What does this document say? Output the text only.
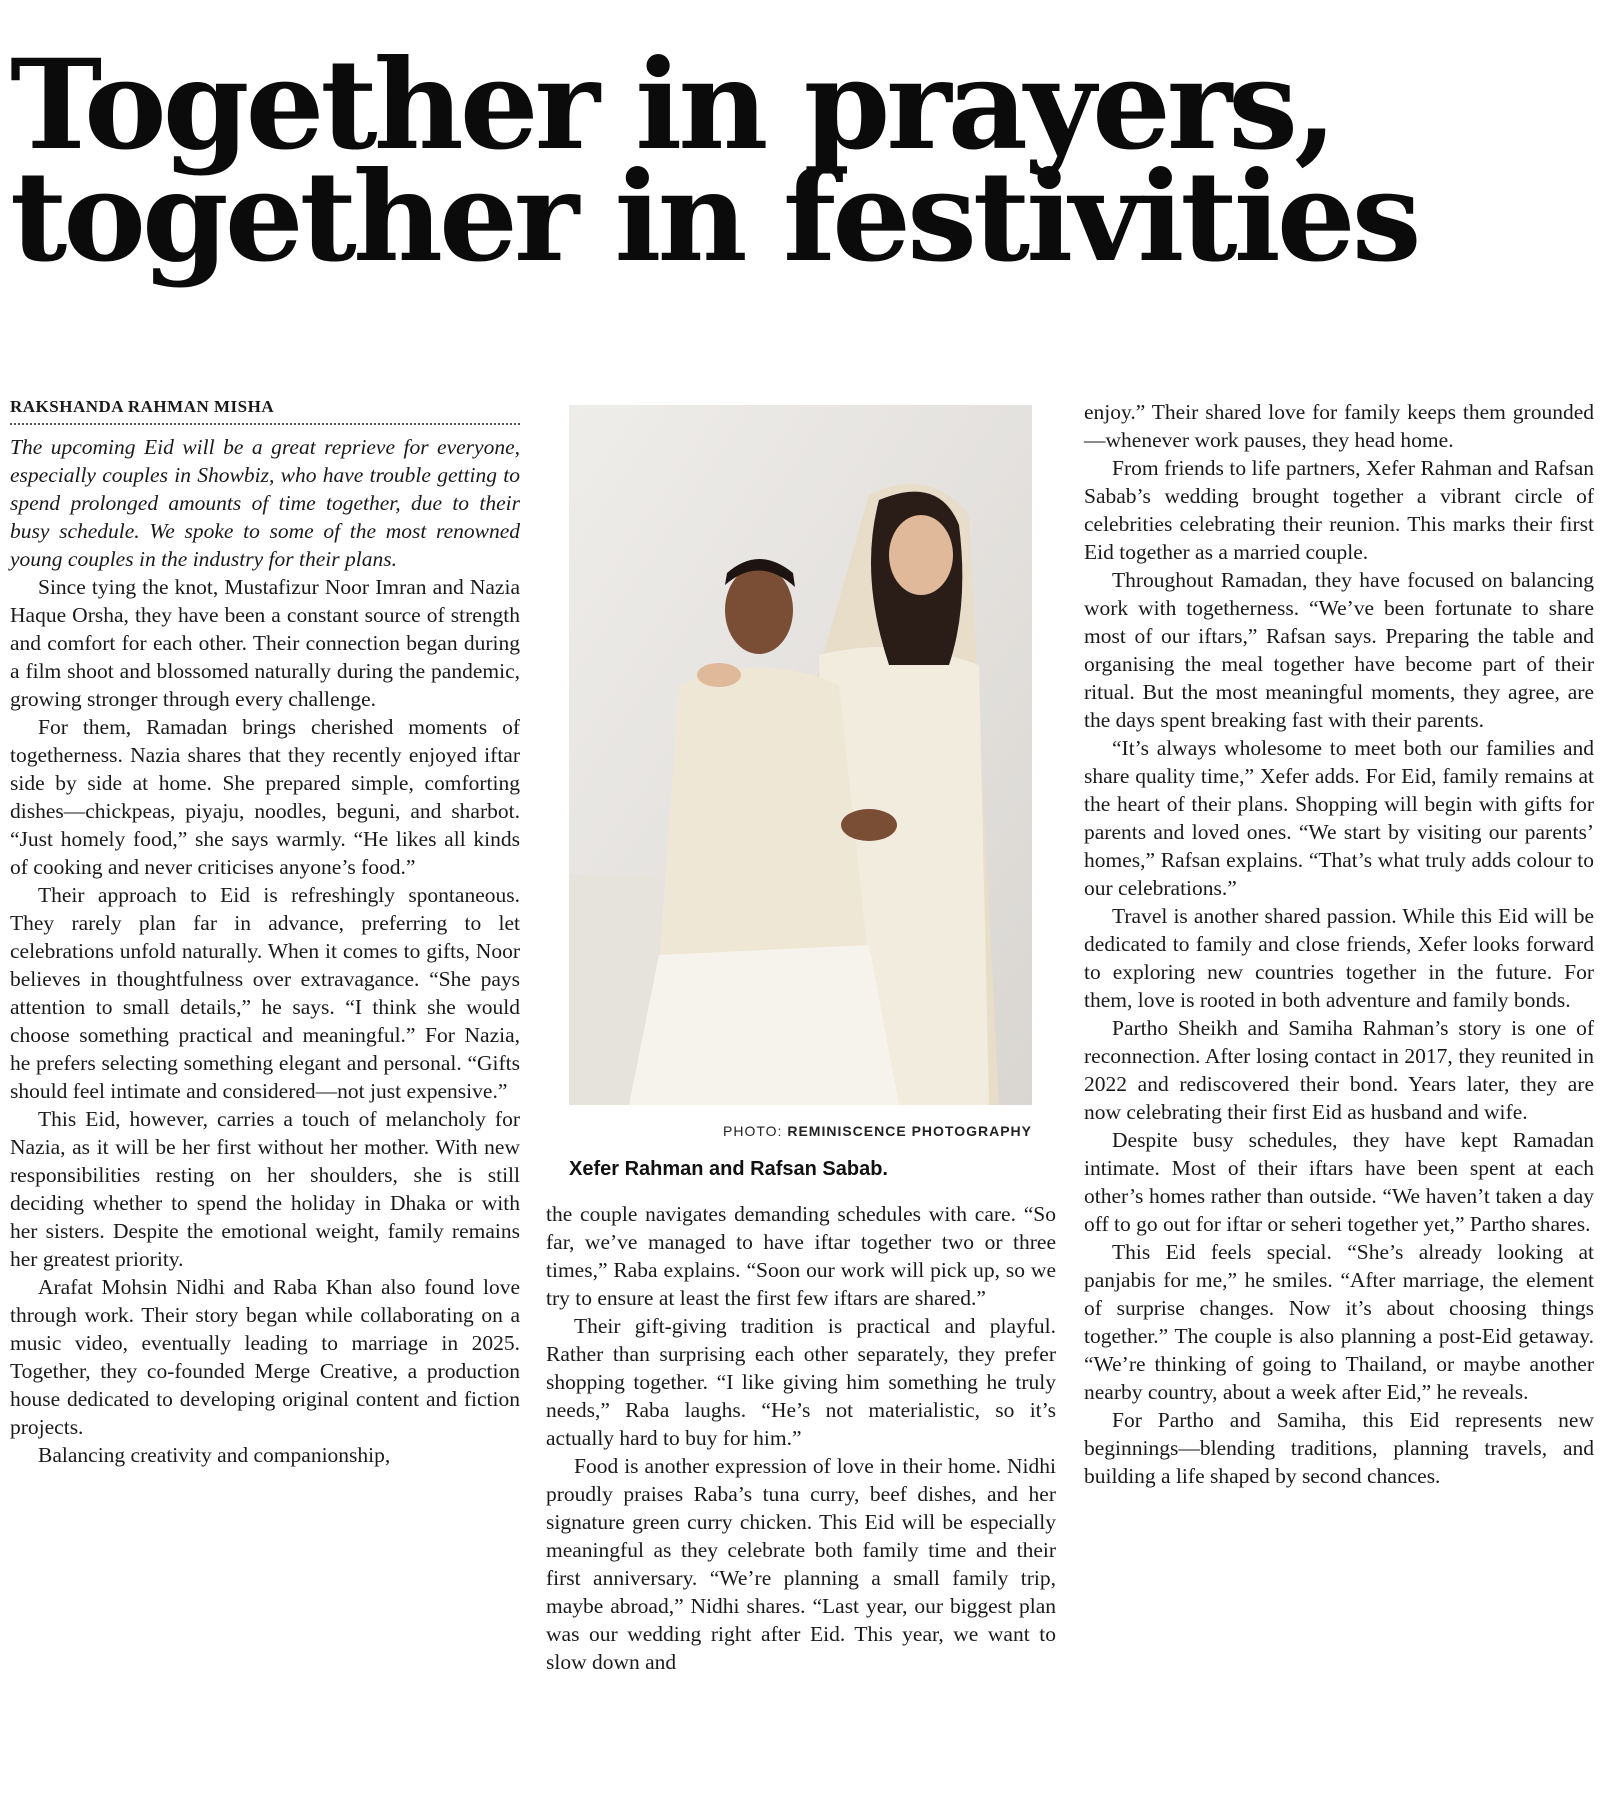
Together in prayers,
together in festivities
RAKSHANDA RAHMAN MISHA

The upcoming Eid will be a great reprieve for everyone, especially couples in Showbiz, who have trouble getting to spend prolonged amounts of time together, due to their busy schedule. We spoke to some of the most renowned young couples in the industry for their plans.

Since tying the knot, Mustafizur Noor Imran and Nazia Haque Orsha, they have been a constant source of strength and comfort for each other. Their connection began during a film shoot and blossomed naturally during the pandemic, growing stronger through every challenge.

For them, Ramadan brings cherished moments of togetherness. Nazia shares that they recently enjoyed iftar side by side at home. She prepared simple, comforting dishes—chickpeas, piyaju, noodles, beguni, and sharbot. “Just homely food,” she says warmly. “He likes all kinds of cooking and never criticises anyone’s food.”

Their approach to Eid is refreshingly spontaneous. They rarely plan far in advance, preferring to let celebrations unfold naturally. When it comes to gifts, Noor believes in thoughtfulness over extravagance. “She pays attention to small details,” he says. “I think she would choose something practical and meaningful.” For Nazia, he prefers selecting something elegant and personal. “Gifts should feel intimate and considered—not just expensive.”

This Eid, however, carries a touch of melancholy for Nazia, as it will be her first without her mother. With new responsibilities resting on her shoulders, she is still deciding whether to spend the holiday in Dhaka or with her sisters. Despite the emotional weight, family remains her greatest priority.

Arafat Mohsin Nidhi and Raba Khan also found love through work. Their story began while collaborating on a music video, eventually leading to marriage in 2025. Together, they co-founded Merge Creative, a production house dedicated to developing original content and fiction projects.

Balancing creativity and companionship,

PHOTO: REMINISCENCE PHOTOGRAPHY
Xefer Rahman and Rafsan Sabab.

the couple navigates demanding schedules with care. “So far, we’ve managed to have iftar together two or three times,” Raba explains. “Soon our work will pick up, so we try to ensure at least the first few iftars are shared.”

Their gift-giving tradition is practical and playful. Rather than surprising each other separately, they prefer shopping together. “I like giving him something he truly needs,” Raba laughs. “He’s not materialistic, so it’s actually hard to buy for him.”

Food is another expression of love in their home. Nidhi proudly praises Raba’s tuna curry, beef dishes, and her signature green curry chicken. This Eid will be especially meaningful as they celebrate both family time and their first anniversary. “We’re planning a small family trip, maybe abroad,” Nidhi shares. “Last year, our biggest plan was our wedding right after Eid. This year, we want to slow down and

enjoy.” Their shared love for family keeps them grounded—whenever work pauses, they head home.

From friends to life partners, Xefer Rahman and Rafsan Sabab’s wedding brought together a vibrant circle of celebrities celebrating their reunion. This marks their first Eid together as a married couple.

Throughout Ramadan, they have focused on balancing work with togetherness. “We’ve been fortunate to share most of our iftars,” Rafsan says. Preparing the table and organising the meal together have become part of their ritual. But the most meaningful moments, they agree, are the days spent breaking fast with their parents.

“It’s always wholesome to meet both our families and share quality time,” Xefer adds. For Eid, family remains at the heart of their plans. Shopping will begin with gifts for parents and loved ones. “We start by visiting our parents’ homes,” Rafsan explains. “That’s what truly adds colour to our celebrations.”

Travel is another shared passion. While this Eid will be dedicated to family and close friends, Xefer looks forward to exploring new countries together in the future. For them, love is rooted in both adventure and family bonds.

Partho Sheikh and Samiha Rahman’s story is one of reconnection. After losing contact in 2017, they reunited in 2022 and rediscovered their bond. Years later, they are now celebrating their first Eid as husband and wife.

Despite busy schedules, they have kept Ramadan intimate. Most of their iftars have been spent at each other’s homes rather than outside. “We haven’t taken a day off to go out for iftar or seheri together yet,” Partho shares.

This Eid feels special. “She’s already looking at panjabis for me,” he smiles. “After marriage, the element of surprise changes. Now it’s about choosing things together.” The couple is also planning a post-Eid getaway. “We’re thinking of going to Thailand, or maybe another nearby country, about a week after Eid,” he reveals.

For Partho and Samiha, this Eid represents new beginnings—blending traditions, planning travels, and building a life shaped by second chances.
